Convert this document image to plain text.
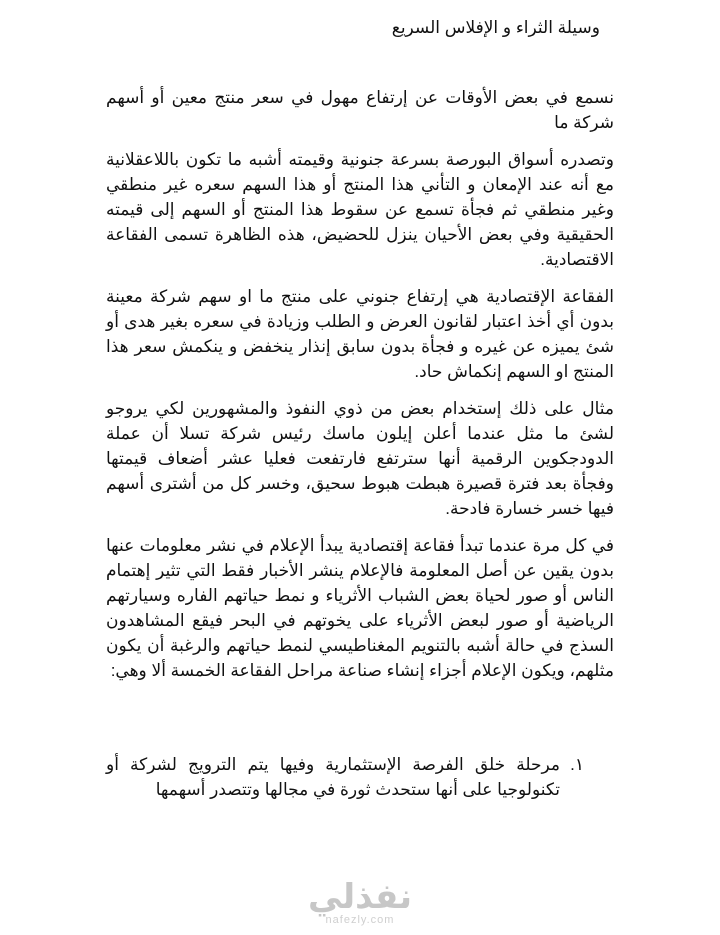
وسيلة الثراء و الإفلاس السريع

نسمع في بعض الأوقات عن إرتفاع مهول في سعر منتج معين أو أسهم شركة ما

وتصدره أسواق البورصة بسرعة جنونية وقيمته أشبه ما تكون باللاعقلانية مع أنه عند الإمعان و التأني هذا المنتج أو هذا السهم سعره غير منطقي وغير منطقي ثم فجأة تسمع عن سقوط هذا المنتج أو السهم إلى قيمته الحقيقية وفي بعض الأحيان ينزل للحضيض، هذه الظاهرة تسمى الفقاعة الاقتصادية.

الفقاعة الإقتصادية هي إرتفاع جنوني على منتج ما او سهم شركة معينة بدون أي أخذ اعتبار لقانون العرض و الطلب وزيادة في سعره بغير هدى أو شئ يميزه عن غيره و فجأة بدون سابق إنذار ينخفض و ينكمش سعر هذا المنتج او السهم إنكماش حاد.

مثال على ذلك إستخدام بعض من ذوي النفوذ والمشهورين لكي يروجو لشئ ما مثل عندما أعلن إيلون ماسك رئيس شركة تسلا أن عملة الدودجكوين الرقمية أنها سترتفع فارتفعت فعليا عشر أضعاف قيمتها وفجأة بعد فترة قصيرة هبطت هبوط سحيق، وخسر كل من أشترى أسهم فيها خسر خسارة فادحة.

في كل مرة عندما تبدأ فقاعة إقتصادية يبدأ الإعلام في نشر معلومات عنها بدون يقين عن أصل المعلومة فالإعلام ينشر الأخبار فقط التي تثير إهتمام الناس أو صور لحياة بعض الشباب الأثرياء و نمط حياتهم الفاره وسيارتهم الرياضية أو صور لبعض الأثرياء على يخوتهم في البحر فيقع المشاهدون السذج في حالة أشبه بالتنويم المغناطيسي لنمط حياتهم والرغبة أن يكون مثلهم، ويكون الإعلام أجزاء إنشاء صناعة مراحل الفقاعة الخمسة ألا وهي:

١.
مرحلة خلق الفرصة الإستثمارية وفيها يتم الترويج لشركة أو تكنولوجيا على أنها ستحدث ثورة في مجالها وتتصدر أسهمها
نفذلي
nafezly.com
